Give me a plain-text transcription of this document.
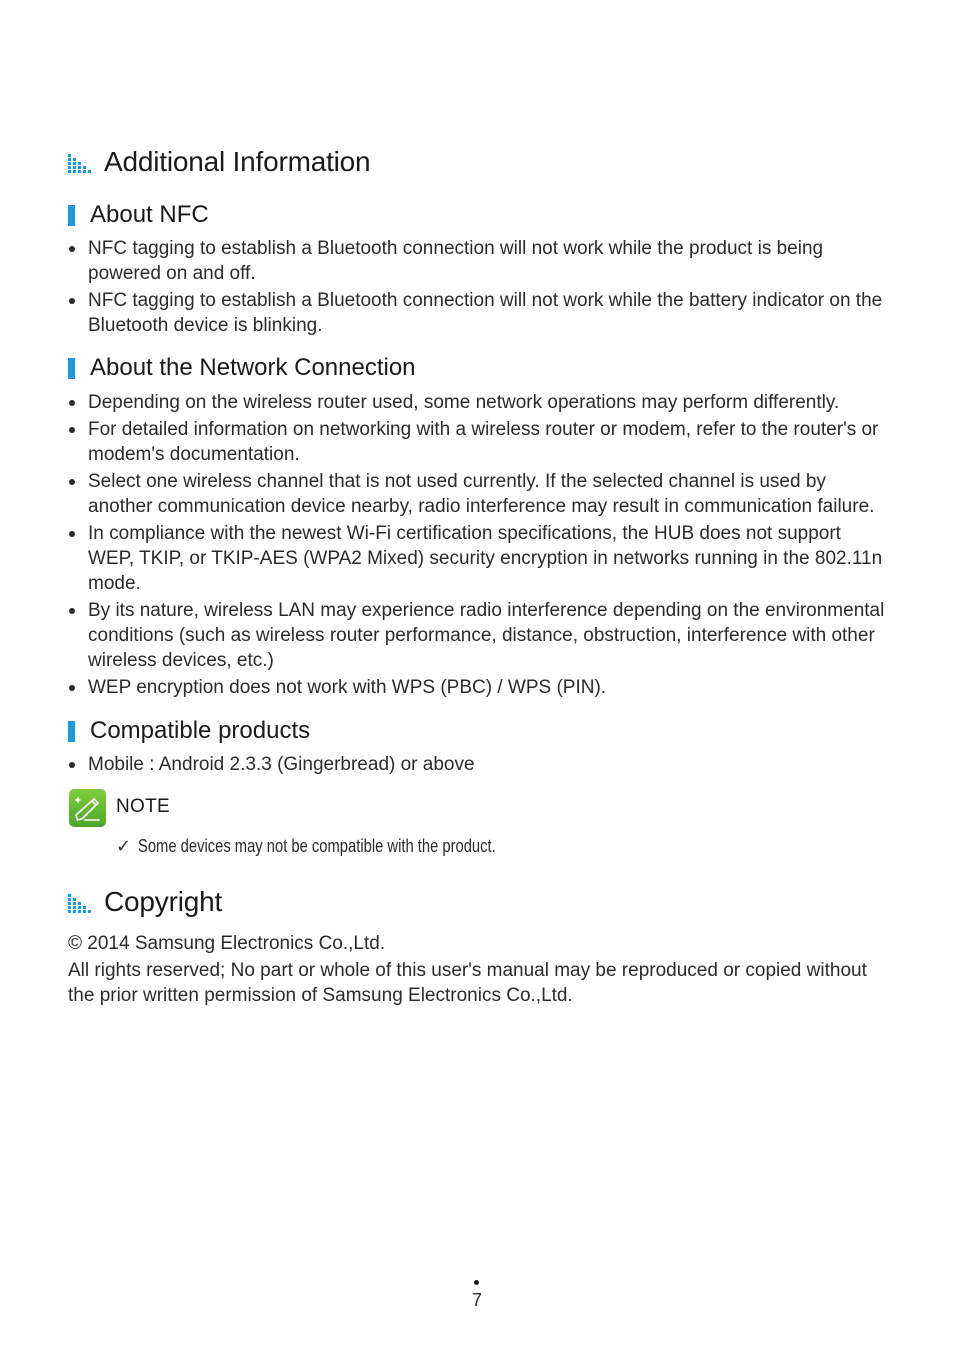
Additional Information
About NFC
NFC tagging to establish a Bluetooth connection will not work while the product is being powered on and off.
NFC tagging to establish a Bluetooth connection will not work while the battery indicator on the Bluetooth device is blinking.
About the Network Connection
Depending on the wireless router used, some network operations may perform differently.
For detailed information on networking with a wireless router or modem, refer to the router's or modem's documentation.
Select one wireless channel that is not used currently. If the selected channel is used by another communication device nearby, radio interference may result in communication failure.
In compliance with the newest Wi-Fi certification specifications, the HUB does not support WEP, TKIP, or TKIP-AES (WPA2 Mixed) security encryption in networks running in the 802.11n mode.
By its nature, wireless LAN may experience radio interference depending on the environmental conditions (such as wireless router performance, distance, obstruction, interference with other wireless devices, etc.)
WEP encryption does not work with WPS (PBC) / WPS (PIN).
Compatible products
Mobile : Android 2.3.3 (Gingerbread) or above
NOTE
✓ Some devices may not be compatible with the product.
Copyright

© 2014 Samsung Electronics Co.,Ltd.

All rights reserved; No part or whole of this user's manual may be reproduced or copied without the prior written permission of Samsung Electronics Co.,Ltd.

7
